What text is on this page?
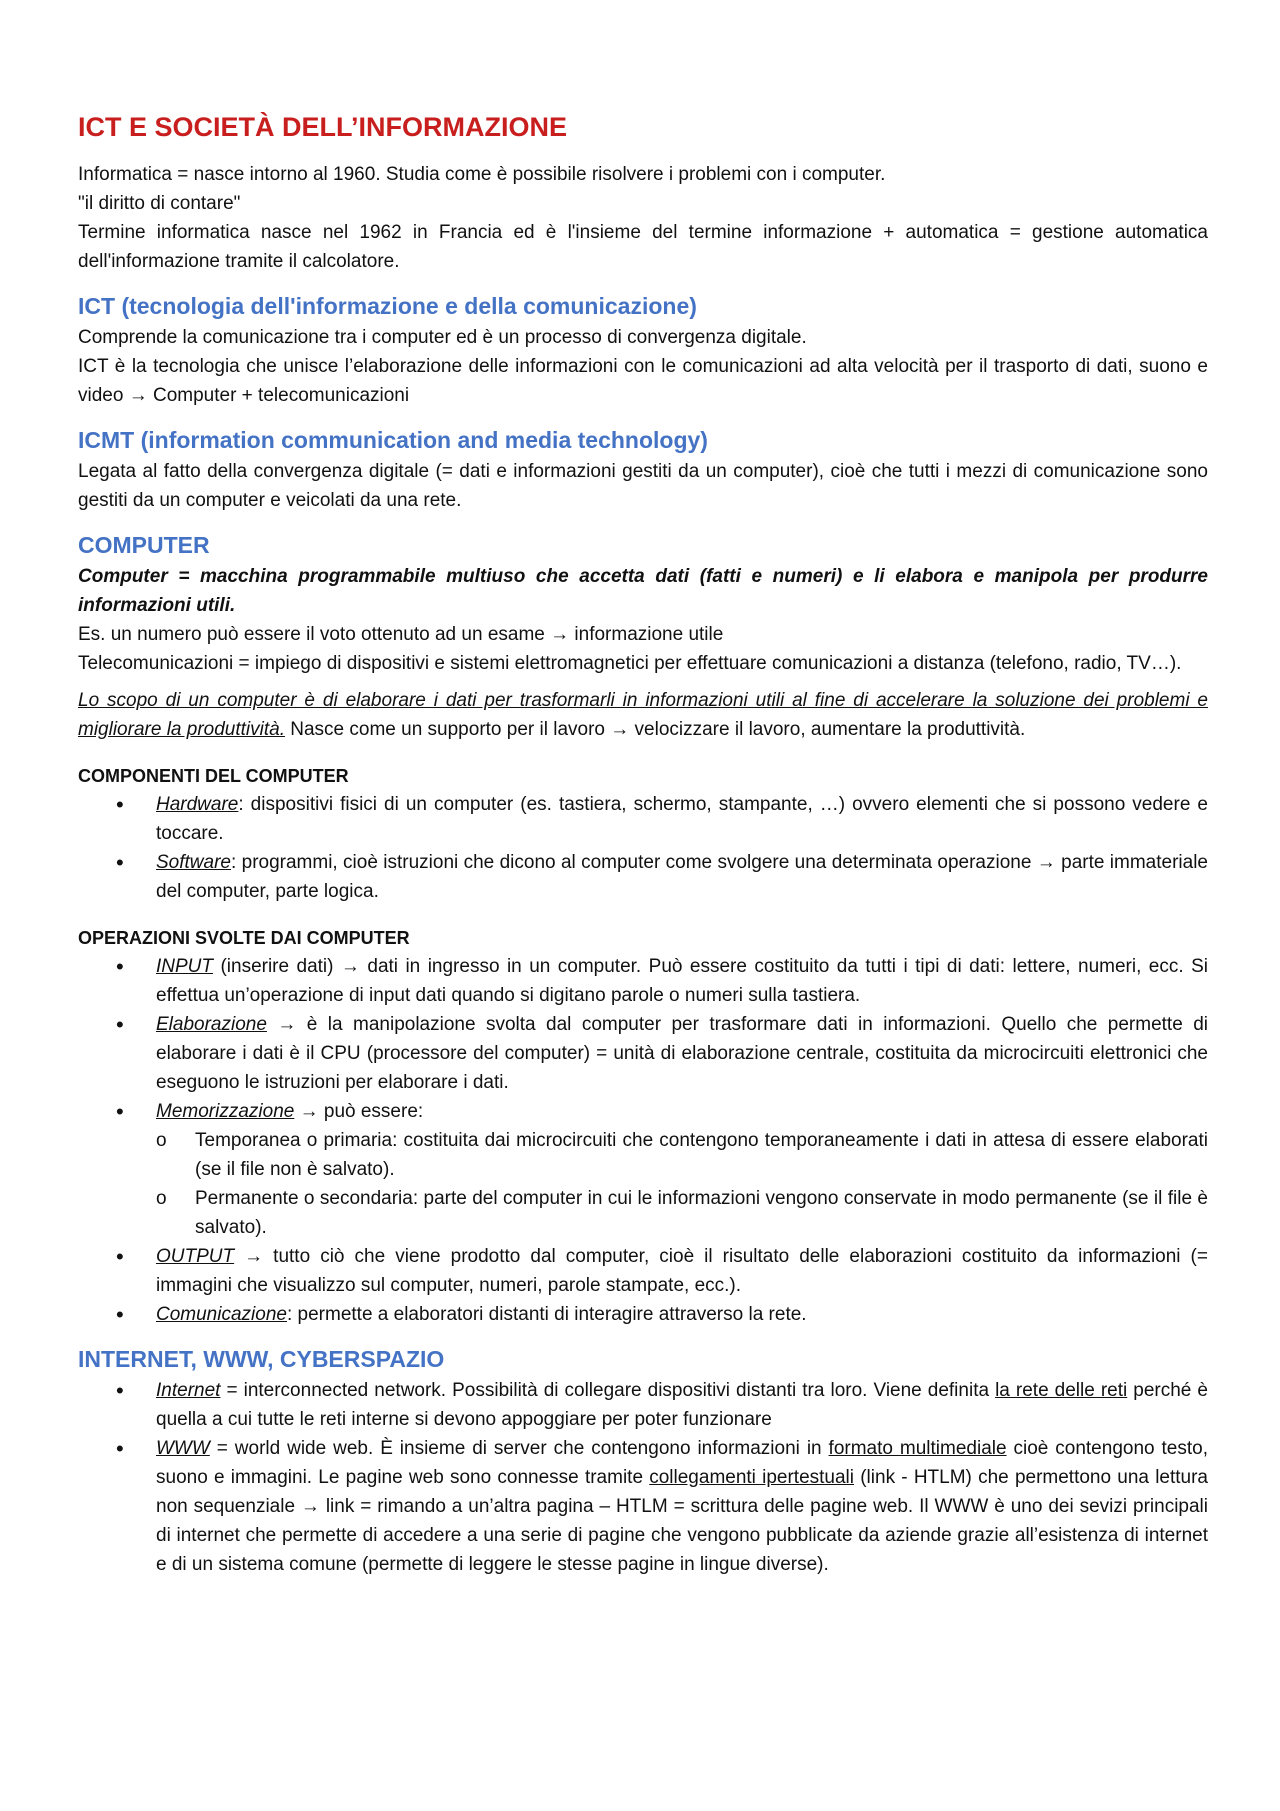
ICT E SOCIETÀ DELL’INFORMAZIONE

Informatica = nasce intorno al 1960. Studia come è possibile risolvere i problemi con i computer.

"il diritto di contare"

Termine informatica nasce nel 1962 in Francia ed è l'insieme del termine informazione + automatica = gestione automatica dell'informazione tramite il calcolatore.

ICT (tecnologia dell'informazione e della comunicazione)

Comprende la comunicazione tra i computer ed è un processo di convergenza digitale.

ICT è la tecnologia che unisce l’elaborazione delle informazioni con le comunicazioni ad alta velocità per il trasporto di dati, suono e video → Computer + telecomunicazioni

ICMT (information communication and media technology)

Legata al fatto della convergenza digitale (= dati e informazioni gestiti da un computer), cioè che tutti i mezzi di comunicazione sono gestiti da un computer e veicolati da una rete.

COMPUTER

Computer = macchina programmabile multiuso che accetta dati (fatti e numeri) e li elabora e manipola per produrre informazioni utili.

Es. un numero può essere il voto ottenuto ad un esame → informazione utile

Telecomunicazioni = impiego di dispositivi e sistemi elettromagnetici per effettuare comunicazioni a distanza (telefono, radio, TV…).

Lo scopo di un computer è di elaborare i dati per trasformarli in informazioni utili al fine di accelerare la soluzione dei problemi e migliorare la produttività. Nasce come un supporto per il lavoro → velocizzare il lavoro, aumentare la produttività.

COMPONENTI DEL COMPUTER
• Hardware: dispositivi fisici di un computer (es. tastiera, schermo, stampante, …) ovvero elementi che si possono vedere e toccare.
• Software: programmi, cioè istruzioni che dicono al computer come svolgere una determinata operazione → parte immateriale del computer, parte logica.
OPERAZIONI SVOLTE DAI COMPUTER
• INPUT (inserire dati) → dati in ingresso in un computer. Può essere costituito da tutti i tipi di dati: lettere, numeri, ecc. Si effettua un’operazione di input dati quando si digitano parole o numeri sulla tastiera.
• Elaborazione → è la manipolazione svolta dal computer per trasformare dati in informazioni. Quello che permette di elaborare i dati è il CPU (processore del computer) = unità di elaborazione centrale, costituita da microcircuiti elettronici che eseguono le istruzioni per elaborare i dati.
• Memorizzazione → può essere:
o Temporanea o primaria: costituita dai microcircuiti che contengono temporaneamente i dati in attesa di essere elaborati (se il file non è salvato).
o Permanente o secondaria: parte del computer in cui le informazioni vengono conservate in modo permanente (se il file è salvato).
• OUTPUT → tutto ciò che viene prodotto dal computer, cioè il risultato delle elaborazioni costituito da informazioni (= immagini che visualizzo sul computer, numeri, parole stampate, ecc.).
• Comunicazione: permette a elaboratori distanti di interagire attraverso la rete.
INTERNET, WWW, CYBERSPAZIO
• Internet = interconnected network. Possibilità di collegare dispositivi distanti tra loro. Viene definita la rete delle reti perché è quella a cui tutte le reti interne si devono appoggiare per poter funzionare
• WWW = world wide web. È insieme di server che contengono informazioni in formato multimediale cioè contengono testo, suono e immagini. Le pagine web sono connesse tramite collegamenti ipertestuali (link - HTLM) che permettono una lettura non sequenziale → link = rimando a un’altra pagina – HTLM = scrittura delle pagine web. Il WWW è uno dei sevizi principali di internet che permette di accedere a una serie di pagine che vengono pubblicate da aziende grazie all’esistenza di internet e di un sistema comune (permette di leggere le stesse pagine in lingue diverse).
